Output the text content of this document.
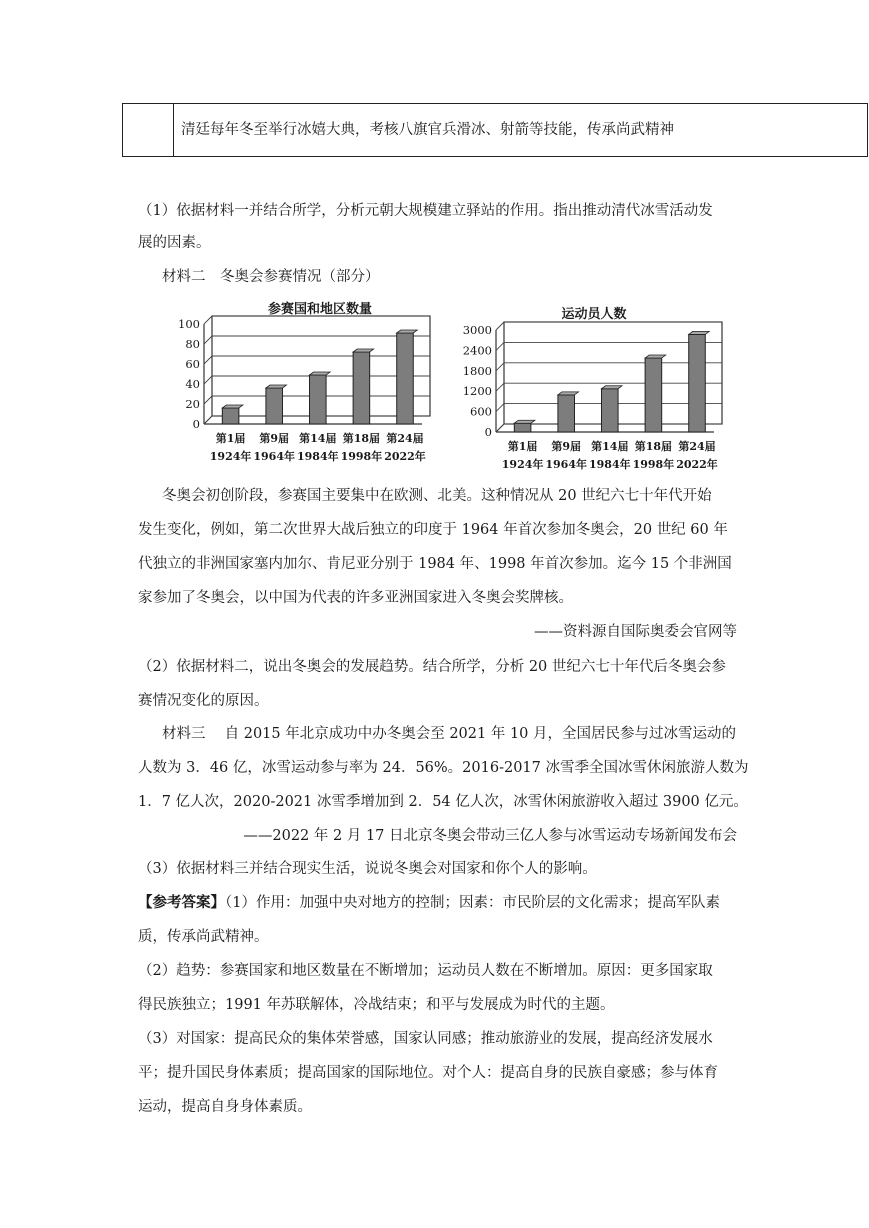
清廷每年冬至举行冰嬉大典，考核八旗官兵滑冰、射箭等技能，传承尚武精神
（1）依据材料一并结合所学，分析元朝大规模建立驿站的作用。指出推动清代冰雪活动发
展的因素。
材料二　冬奥会参赛情况（部分）
参赛国和地区数量
0
20
40
60
80
100
第1届
1924年
第9届
1964年
第14届
1984年
第18届
1998年
第24届
2022年
运动员人数
0
600
1200
1800
2400
3000
第1届
1924年
第9届
1964年
第14届
1984年
第18届
1998年
第24届
2022年
冬奥会初创阶段，参赛国主要集中在欧测、北美。这种情况从 20 世纪六七十年代开始
发生变化，例如，第二次世界大战后独立的印度于 1964 年首次参加冬奥会，20 世纪 60 年
代独立的非洲国家塞内加尔、肯尼亚分别于 1984 年、1998 年首次参加。迄今 15 个非洲国
家参加了冬奥会，以中国为代表的许多亚洲国家进入冬奥会奖牌核。
——资料源自国际奥委会官网等
（2）依据材料二，说出冬奥会的发展趋势。结合所学，分析 20 世纪六七十年代后冬奥会参
赛情况变化的原因。
材料三　 自 2015 年北京成功中办冬奥会至 2021 年 10 月，全国居民参与过冰雪运动的
人数为 3．46 亿，冰雪运动参与率为 24．56%。2016-2017 冰雪季全国冰雪休闲旅游人数为
1．7 亿人次，2020-2021 冰雪季增加到 2．54 亿人次，冰雪休闲旅游收入超过 3900 亿元。
——2022 年 2 月 17 日北京冬奥会带动三亿人参与冰雪运动专场新闻发布会
（3）依据材料三并结合现实生活，说说冬奥会对国家和你个人的影响。
【参考答案】（1）作用：加强中央对地方的控制；因素：市民阶层的文化需求；提高军队素
质，传承尚武精神。
（2）趋势：参赛国家和地区数量在不断增加；运动员人数在不断增加。原因：更多国家取
得民族独立；1991 年苏联解体，冷战结束；和平与发展成为时代的主题。
（3）对国家：提高民众的集体荣誉感，国家认同感；推动旅游业的发展，提高经济发展水
平；提升国民身体素质；提高国家的国际地位。对个人：提高自身的民族自豪感；参与体育
运动，提高自身身体素质。
